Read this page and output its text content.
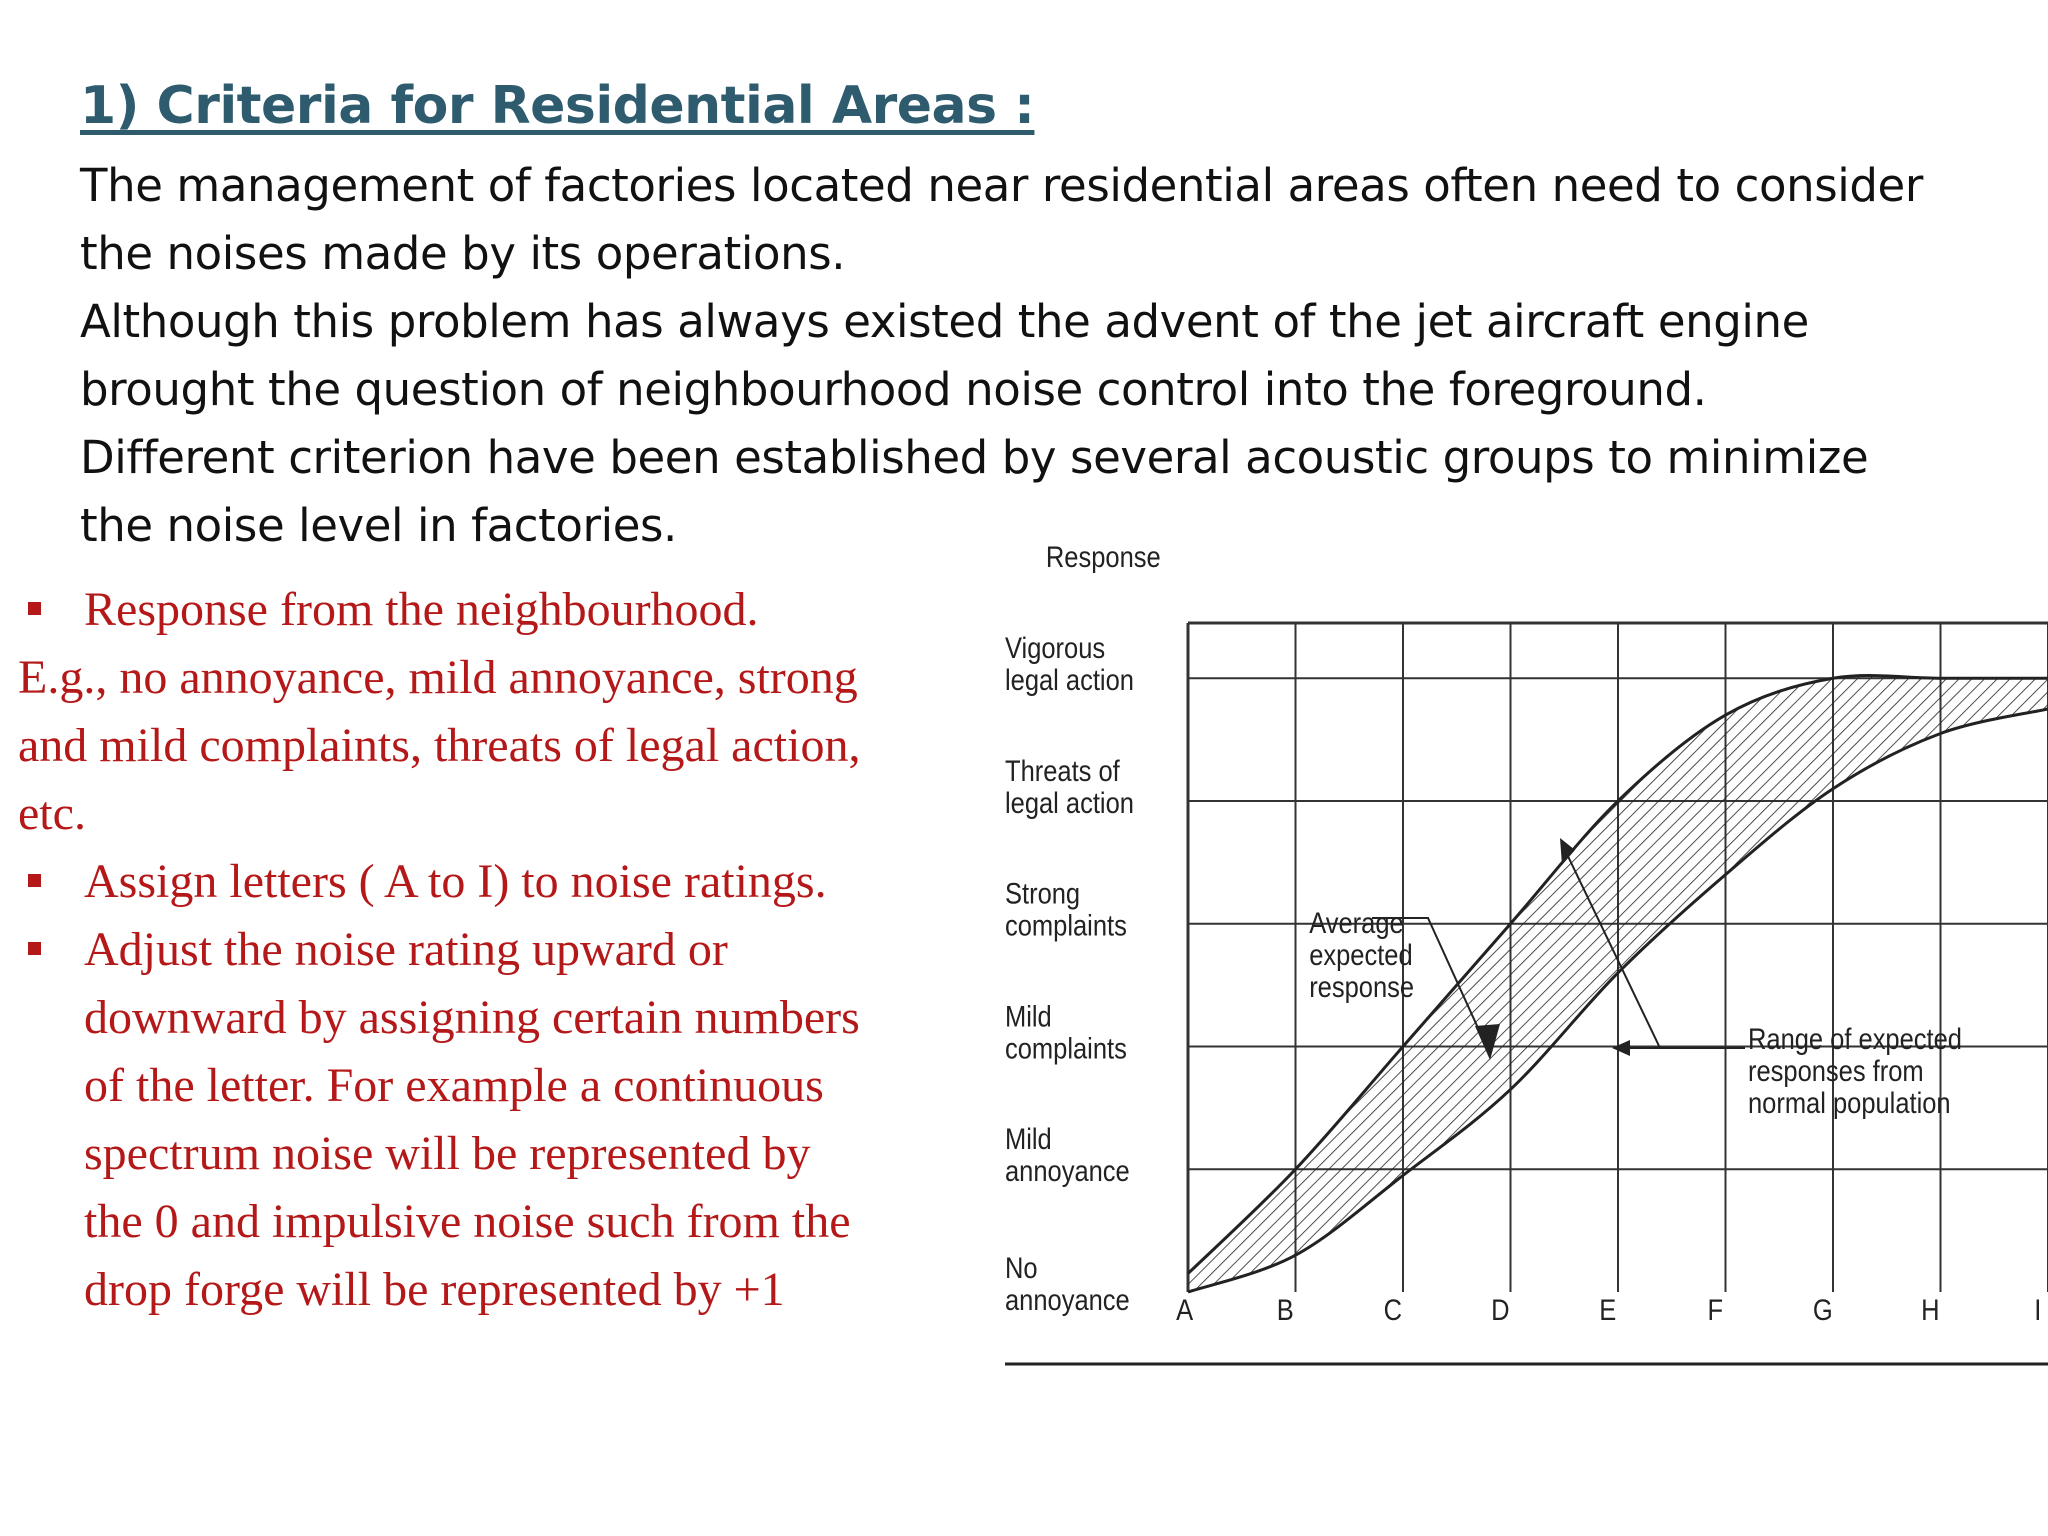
1) Criteria for Residential Areas :
The management of factories located near residential areas often need to consider
the noises made by its operations.
Although this problem has always existed the advent of the jet aircraft engine
brought the question of neighbourhood noise control into the foreground.
Different criterion have been established by several acoustic groups to minimize
the noise level in factories.
Response from the neighbourhood.
E.g., no annoyance, mild annoyance, strong
and mild complaints, threats of legal action,
etc.
Assign letters ( A to I) to noise ratings.
Adjust the noise rating upward or
downward by assigning certain numbers
of the letter. For example a continuous
spectrum noise will be represented by
the 0 and impulsive noise such from the
drop forge will be represented by +1
Response
No annoyance
Mild annoyance
Mild complaints
Strong complaints
Threats of legal action
Vigorous legal action
A	B	C	D	E	F	G	H	I
Average expected response
Range of expected responses from normal population
